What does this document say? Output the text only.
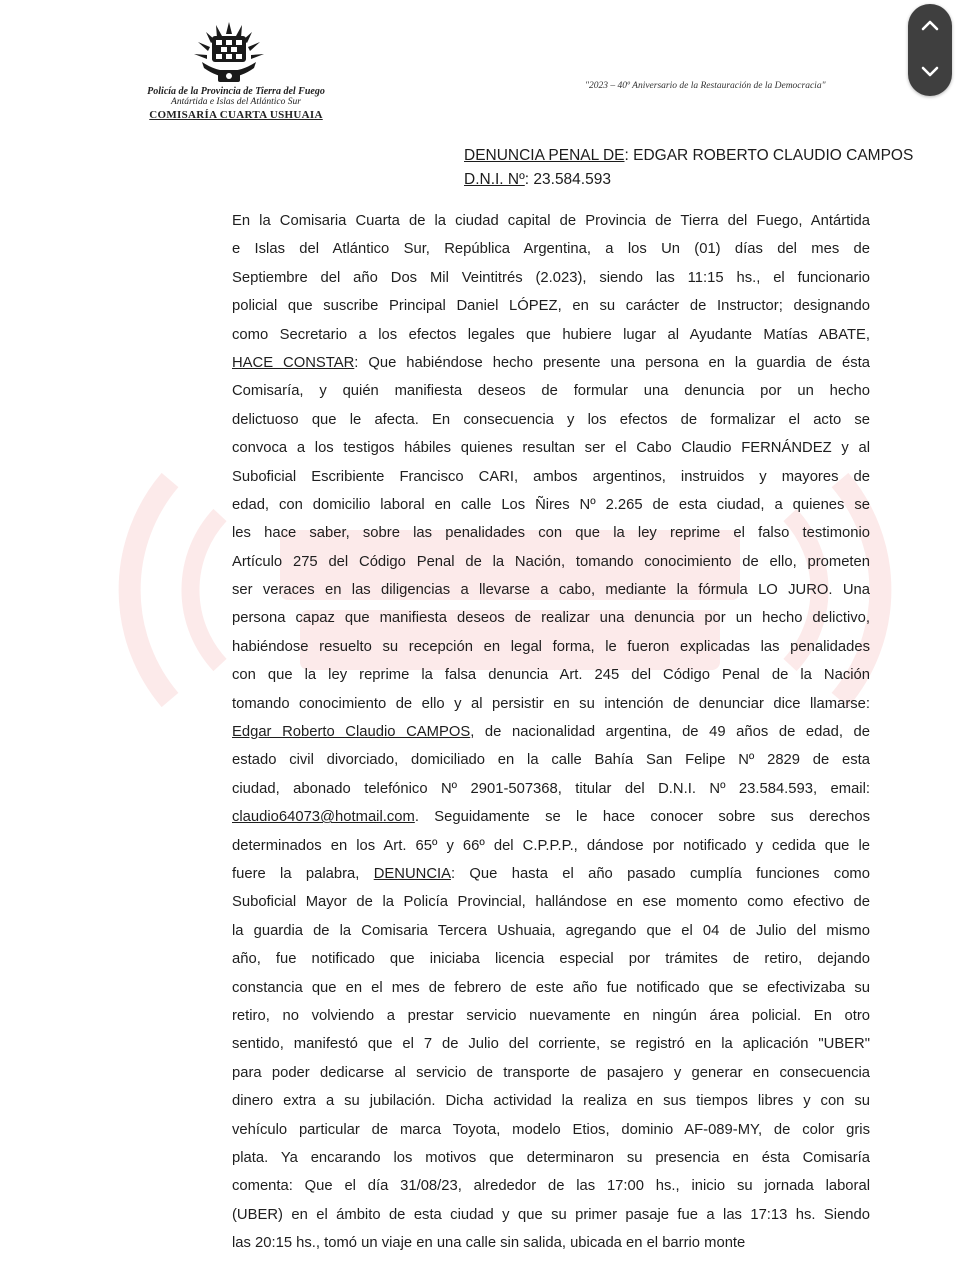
Policía de la Provincia de Tierra del Fuego
Antártida e Islas del Atlántico Sur
COMISARÍA CUARTA USHUAIA
"2023 – 40º Aniversario de la Restauración de la Democracia"
DENUNCIA PENAL DE: EDGAR ROBERTO CLAUDIO CAMPOS
D.N.I. Nº: 23.584.593
En la Comisaria Cuarta de la ciudad capital de Provincia de Tierra del Fuego, Antártida
e Islas del Atlántico Sur, República Argentina, a los Un (01) días del mes de
Septiembre del año Dos Mil Veintitrés (2.023), siendo las 11:15 hs., el funcionario
policial que suscribe Principal Daniel LÓPEZ, en su carácter de Instructor; designando
como Secretario a los efectos legales que hubiere lugar al Ayudante Matías ABATE,
HACE CONSTAR: Que habiéndose hecho presente una persona en la guardia de ésta
Comisaría, y quién manifiesta deseos de formular una denuncia por un hecho
delictuoso que le afecta. En consecuencia y los efectos de formalizar el acto se
convoca a los testigos hábiles quienes resultan ser el Cabo Claudio FERNÁNDEZ y al
Suboficial Escribiente Francisco CARI, ambos argentinos, instruidos y mayores de
edad, con domicilio laboral en calle Los Ñires Nº 2.265 de esta ciudad, a quienes se
les hace saber, sobre las penalidades con que la ley reprime el falso testimonio
Artículo 275 del Código Penal de la Nación, tomando conocimiento de ello, prometen
ser veraces en las diligencias a llevarse a cabo, mediante la fórmula LO JURO. Una
persona capaz que manifiesta deseos de realizar una denuncia por un hecho delictivo,
habiéndose resuelto su recepción en legal forma, le fueron explicadas las penalidades
con que la ley reprime la falsa denuncia Art. 245 del Código Penal de la Nación
tomando conocimiento de ello y al persistir en su intención de denunciar dice llamarse:
Edgar Roberto Claudio CAMPOS, de nacionalidad argentina, de 49 años de edad, de
estado civil divorciado, domiciliado en la calle Bahía San Felipe Nº 2829 de esta
ciudad, abonado telefónico Nº 2901-507368, titular del D.N.I. Nº 23.584.593, email:
claudio64073@hotmail.com. Seguidamente se le hace conocer sobre sus derechos
determinados en los Art. 65º y 66º del C.P.P.P., dándose por notificado y cedida que le
fuere la palabra, DENUNCIA: Que hasta el año pasado cumplía funciones como
Suboficial Mayor de la Policía Provincial, hallándose en ese momento como efectivo de
la guardia de la Comisaria Tercera Ushuaia, agregando que el 04 de Julio del mismo
año, fue notificado que iniciaba licencia especial por trámites de retiro, dejando
constancia que en el mes de febrero de este año fue notificado que se efectivizaba su
retiro, no volviendo a prestar servicio nuevamente en ningún área policial. En otro
sentido, manifestó que el 7 de Julio del corriente, se registró en la aplicación "UBER"
para poder dedicarse al servicio de transporte de pasajero y generar en consecuencia
dinero extra a su jubilación. Dicha actividad la realiza en sus tiempos libres y con su
vehículo particular de marca Toyota, modelo Etios, dominio AF-089-MY, de color gris
plata. Ya encarando los motivos que determinaron su presencia en ésta Comisaría
comenta: Que el día 31/08/23, alrededor de las 17:00 hs., inicio su jornada laboral
(UBER) en el ámbito de esta ciudad y que su primer pasaje fue a las 17:13 hs. Siendo
las 20:15 hs., tomó un viaje en una calle sin salida, ubicada en el barrio monte
